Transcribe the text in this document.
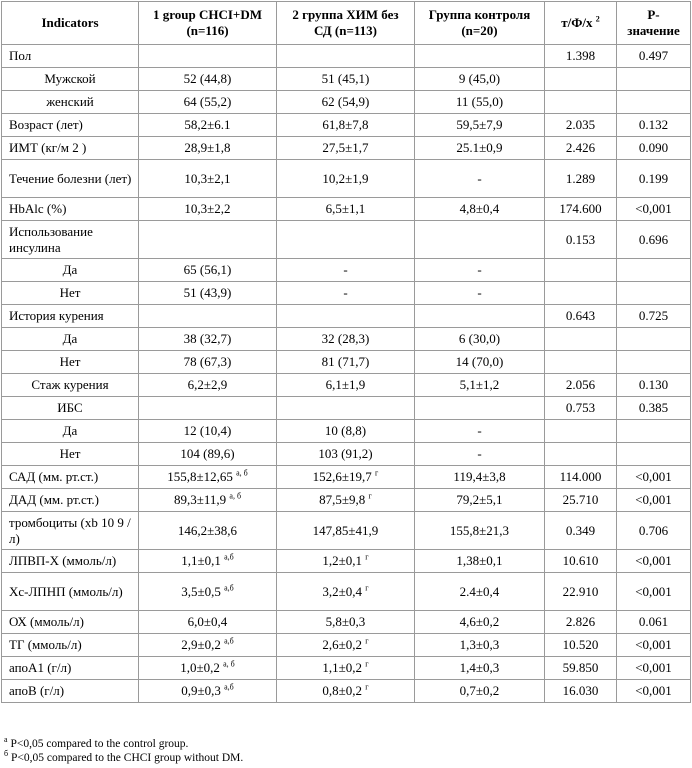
Indicators	1 group CHCI+DM (n=116)	2 группа ХИМ без СД (n=113)	Группа контроля (n=20)	т/Ф/x $^2$	P-значение
Пол				1.398	0.497
Мужской	52 (44,8)	51 (45,1)	9 (45,0)		
женский	64 (55,2)	62 (54,9)	11 (55,0)		
Возраст (лет)	58,2±6.1	61,8±7,8	59,5±7,9	2.035	0.132
ИМТ (кг/м 2 )	28,9±1,8	27,5±1,7	25.1±0,9	2.426	0.090
Течение болезни (лет)	10,3±2,1	10,2±1,9	-	1.289	0.199
HbAlc (%)	10,3±2,2	6,5±1,1	4,8±0,4	174.600	<0,001
Использование инсулина				0.153	0.696
Да	65 (56,1)	-	-		
Нет	51 (43,9)	-	-		
История курения				0.643	0.725
Да	38 (32,7)	32 (28,3)	6 (30,0)		
Нет	78 (67,3)	81 (71,7)	14 (70,0)		
Стаж курения	6,2±2,9	6,1±1,9	5,1±1,2	2.056	0.130
ИБС				0.753	0.385
Да	12 (10,4)	10 (8,8)	-		
Нет	104 (89,6)	103 (91,2)	-		
САД (мм. рт.ст.)	155,8±12,65 $^{а, б}$	152,6±19,7 $^г$	119,4±3,8	114.000	<0,001
ДАД (мм. рт.ст.)	89,3±11,9 $^{а, б}$	87,5±9,8 $^г$	79,2±5,1	25.710	<0,001
тромбоциты (xb 10 9 /л)	146,2±38,6	147,85±41,9	155,8±21,3	0.349	0.706
ЛПВП-Х (ммоль/л)	1,1±0,1 $^{а,б}$	1,2±0,1 $^г$	1,38±0,1	10.610	<0,001
Хс-ЛПНП (ммоль/л)	3,5±0,5 $^{а,б}$	3,2±0,4 $^г$	2.4±0,4	22.910	<0,001
ОХ (ммоль/л)	6,0±0,4	5,8±0,3	4,6±0,2	2.826	0.061
ТГ (ммоль/л)	2,9±0,2 $^{а,б}$	2,6±0,2 $^г$	1,3±0,3	10.520	<0,001
апоА1 (г/л)	1,0±0,2 $^{а, б}$	1,1±0,2 $^г$	1,4±0,3	59.850	<0,001
апоВ (г/л)	0,9±0,3 $^{а,б}$	0,8±0,2 $^г$	0,7±0,2	16.030	<0,001
$^а$ P<0,05 compared to the control group.
$^б$ P<0,05 compared to the CHCI group without DM.
